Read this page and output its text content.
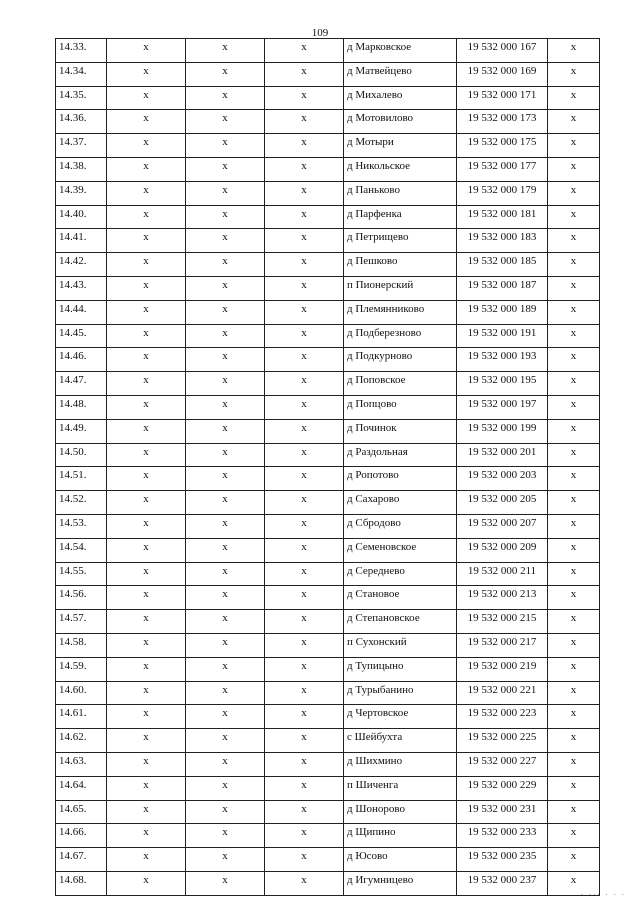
109
14.33.	x	x	x	д Марковское	19 532 000 167	x
14.34.	x	x	x	д Матвейцево	19 532 000 169	x
14.35.	x	x	x	д Михалево	19 532 000 171	x
14.36.	x	x	x	д Мотовилово	19 532 000 173	x
14.37.	x	x	x	д Мотыри	19 532 000 175	x
14.38.	x	x	x	д Никольское	19 532 000 177	x
14.39.	x	x	x	д Паньково	19 532 000 179	x
14.40.	x	x	x	д Парфенка	19 532 000 181	x
14.41.	x	x	x	д Петрищево	19 532 000 183	x
14.42.	x	x	x	д Пешково	19 532 000 185	x
14.43.	x	x	x	п Пионерский	19 532 000 187	x
14.44.	x	x	x	д Племянниково	19 532 000 189	x
14.45.	x	x	x	д Подберезново	19 532 000 191	x
14.46.	x	x	x	д Подкурново	19 532 000 193	x
14.47.	x	x	x	д Поповское	19 532 000 195	x
14.48.	x	x	x	д Попцово	19 532 000 197	x
14.49.	x	x	x	д Починок	19 532 000 199	x
14.50.	x	x	x	д Раздольная	19 532 000 201	x
14.51.	x	x	x	д Ропотово	19 532 000 203	x
14.52.	x	x	x	д Сахарово	19 532 000 205	x
14.53.	x	x	x	д Сбродово	19 532 000 207	x
14.54.	x	x	x	д Семеновское	19 532 000 209	x
14.55.	x	x	x	д Середнево	19 532 000 211	x
14.56.	x	x	x	д Становое	19 532 000 213	x
14.57.	x	x	x	д Степановское	19 532 000 215	x
14.58.	x	x	x	п Сухонский	19 532 000 217	x
14.59.	x	x	x	д Тупицыно	19 532 000 219	x
14.60.	x	x	x	д Турыбанино	19 532 000 221	x
14.61.	x	x	x	д Чертовское	19 532 000 223	x
14.62.	x	x	x	с Шейбухта	19 532 000 225	x
14.63.	x	x	x	д Шихмино	19 532 000 227	x
14.64.	x	x	x	п Шиченга	19 532 000 229	x
14.65.	x	x	x	д Шоноровo	19 532 000 231	x
14.66.	x	x	x	д Щипино	19 532 000 233	x
14.67.	x	x	x	д Юсово	19 532 000 235	x
14.68.	x	x	x	д Игумницево	19 532 000 237	x
· ··· · · ·
